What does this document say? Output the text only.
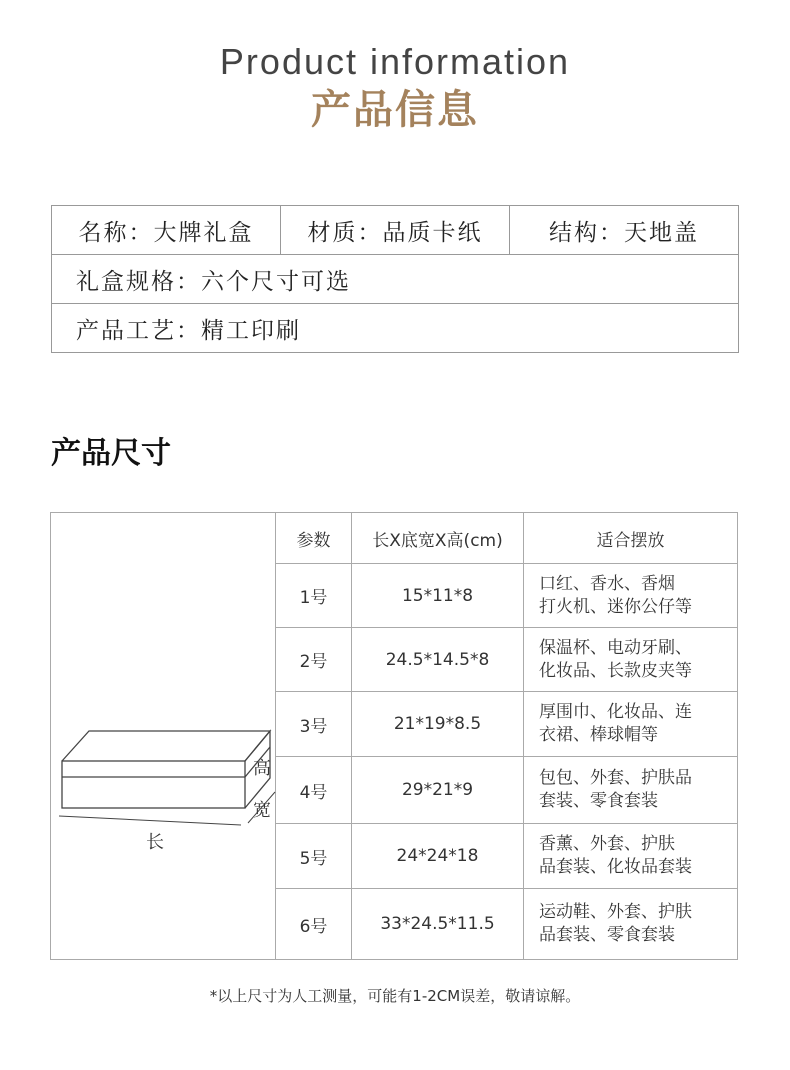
Product information
产品信息
名称：大牌礼盒	材质：品质卡纸	结构：天地盖
礼盒规格：六个尺寸可选
产品工艺：精工印刷
产品尺寸
高
宽
长	参数	长X底宽X高(cm)	适合摆放
	1号	15*11*8	口红、香水、香烟
打火机、迷你公仔等
	2号	24.5*14.5*8	保温杯、电动牙刷、
化妆品、长款皮夹等
	3号	21*19*8.5	厚围巾、化妆品、连
衣裙、棒球帽等
	4号	29*21*9	包包、外套、护肤品
套装、零食套装
	5号	24*24*18	香薰、外套、护肤
品套装、化妆品套装
	6号	33*24.5*11.5	运动鞋、外套、护肤
品套装、零食套装
*以上尺寸为人工测量，可能有1-2CM误差，敬请谅解。
